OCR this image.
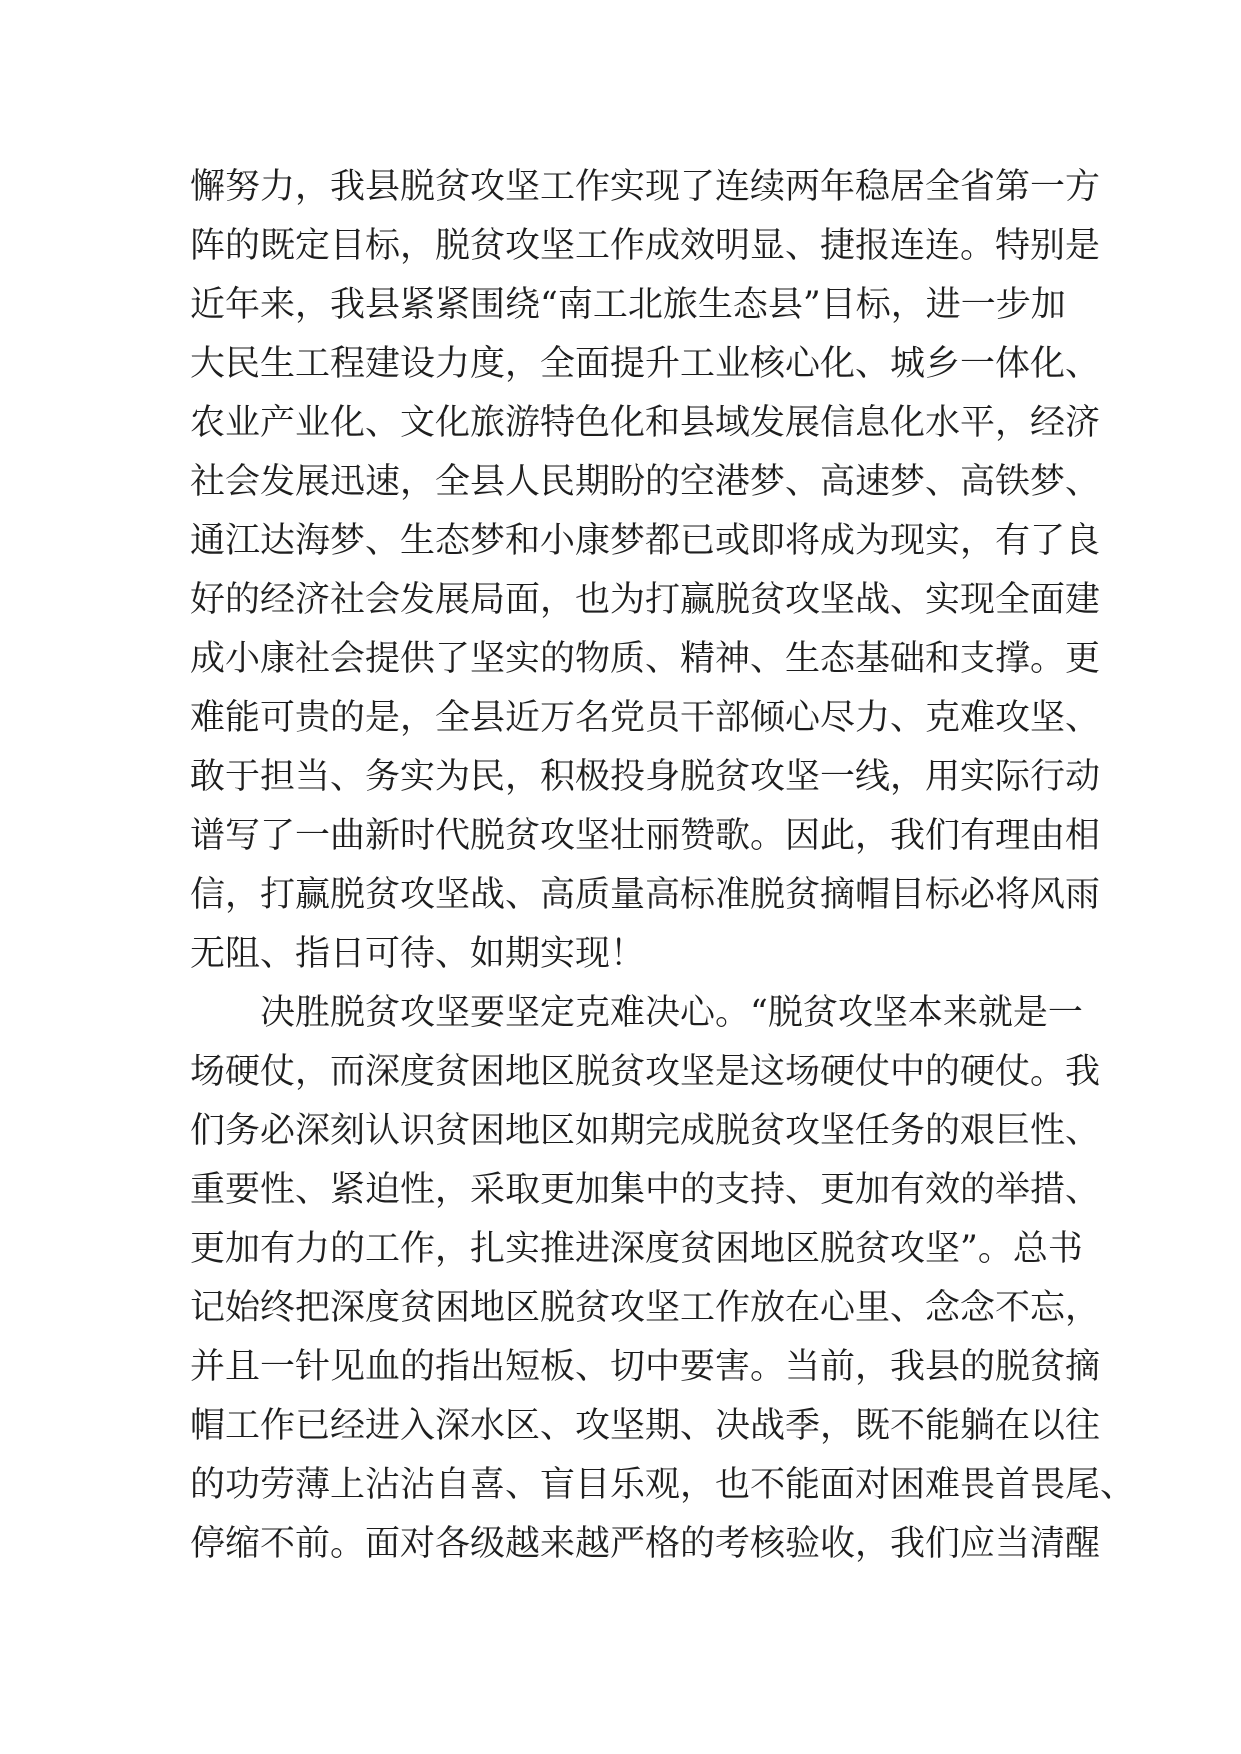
懈努力，我县脱贫攻坚工作实现了连续两年稳居全省第一方
阵的既定目标，脱贫攻坚工作成效明显、捷报连连。特别是
近年来，我县紧紧围绕“南工北旅生态县”目标，进一步加
大民生工程建设力度，全面提升工业核心化、城乡一体化、
农业产业化、文化旅游特色化和县域发展信息化水平，经济
社会发展迅速，全县人民期盼的空港梦、高速梦、高铁梦、
通江达海梦、生态梦和小康梦都已或即将成为现实，有了良
好的经济社会发展局面，也为打赢脱贫攻坚战、实现全面建
成小康社会提供了坚实的物质、精神、生态基础和支撑。更
难能可贵的是，全县近万名党员干部倾心尽力、克难攻坚、
敢于担当、务实为民，积极投身脱贫攻坚一线，用实际行动
谱写了一曲新时代脱贫攻坚壮丽赞歌。因此，我们有理由相
信，打赢脱贫攻坚战、高质量高标准脱贫摘帽目标必将风雨
无阻、指日可待、如期实现！
　　决胜脱贫攻坚要坚定克难决心。“脱贫攻坚本来就是一
场硬仗，而深度贫困地区脱贫攻坚是这场硬仗中的硬仗。我
们务必深刻认识贫困地区如期完成脱贫攻坚任务的艰巨性、
重要性、紧迫性，采取更加集中的支持、更加有效的举措、
更加有力的工作，扎实推进深度贫困地区脱贫攻坚”。总书
记始终把深度贫困地区脱贫攻坚工作放在心里、念念不忘，
并且一针见血的指出短板、切中要害。当前，我县的脱贫摘
帽工作已经进入深水区、攻坚期、决战季，既不能躺在以往
的功劳薄上沾沾自喜、盲目乐观，也不能面对困难畏首畏尾、
停缩不前。面对各级越来越严格的考核验收，我们应当清醒
